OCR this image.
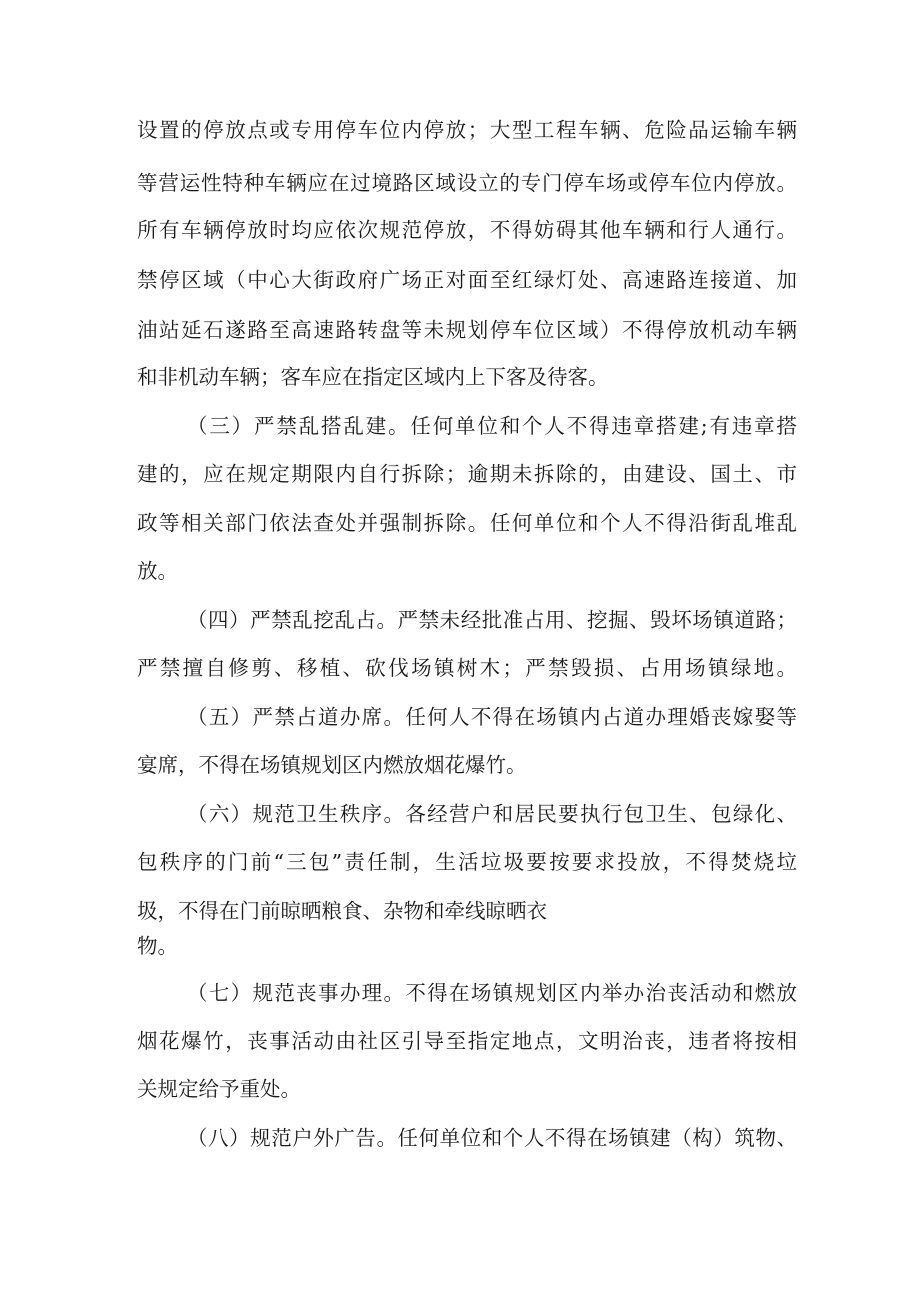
设置的停放点或专用停车位内停放；大型工程车辆、危险品运输车辆
等营运性特种车辆应在过境路区域设立的专门停车场或停车位内停放。
所有车辆停放时均应依次规范停放，不得妨碍其他车辆和行人通行。
禁停区域（中心大街政府广场正对面至红绿灯处、高速路连接道、加
油站延石遂路至高速路转盘等未规划停车位区域）不得停放机动车辆
和非机动车辆；客车应在指定区域内上下客及待客。
（三）严禁乱搭乱建。任何单位和个人不得违章搭建;有违章搭
建的，应在规定期限内自行拆除；逾期未拆除的，由建设、国土、市
政等相关部门依法查处并强制拆除。任何单位和个人不得沿街乱堆乱
放。
（四）严禁乱挖乱占。严禁未经批准占用、挖掘、毁坏场镇道路；
严禁擅自修剪、移植、砍伐场镇树木；严禁毁损、占用场镇绿地。
（五）严禁占道办席。任何人不得在场镇内占道办理婚丧嫁娶等
宴席，不得在场镇规划区内燃放烟花爆竹。
（六）规范卫生秩序。各经营户和居民要执行包卫生、包绿化、
包秩序的门前“三包”责任制，生活垃圾要按要求投放，不得焚烧垃
圾，不得在门前晾晒粮食、杂物和牵线晾晒衣
物。
（七）规范丧事办理。不得在场镇规划区内举办治丧活动和燃放
烟花爆竹，丧事活动由社区引导至指定地点，文明治丧，违者将按相
关规定给予重处。
（八）规范户外广告。任何单位和个人不得在场镇建（构）筑物、
